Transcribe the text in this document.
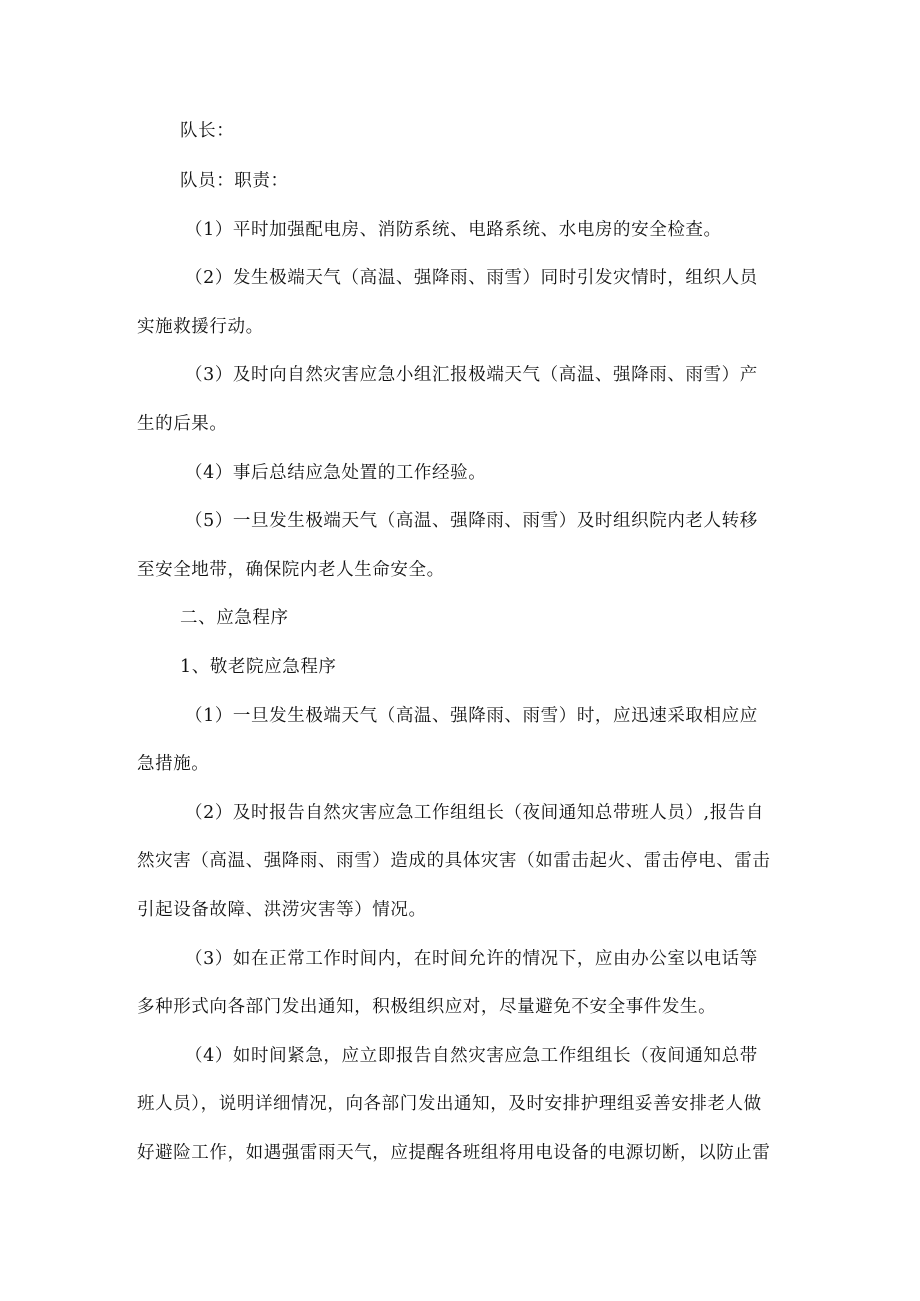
队长：
队员：职责：
（1）平时加强配电房、消防系统、电路系统、水电房的安全检查。
（2）发生极端天气（高温、强降雨、雨雪）同时引发灾情时，组织人员
实施救援行动。
（3）及时向自然灾害应急小组汇报极端天气（高温、强降雨、雨雪）产
生的后果。
（4）事后总结应急处置的工作经验。
（5）一旦发生极端天气（高温、强降雨、雨雪）及时组织院内老人转移
至安全地带，确保院内老人生命安全。
二、应急程序
1、敬老院应急程序
（1）一旦发生极端天气（高温、强降雨、雨雪）时，应迅速采取相应应
急措施。
（2）及时报告自然灾害应急工作组组长（夜间通知总带班人员）,报告自
然灾害（高温、强降雨、雨雪）造成的具体灾害（如雷击起火、雷击停电、雷击
引起设备故障、洪涝灾害等）情况。
（3）如在正常工作时间内，在时间允许的情况下，应由办公室以电话等
多种形式向各部门发出通知，积极组织应对，尽量避免不安全事件发生。
（4）如时间紧急，应立即报告自然灾害应急工作组组长（夜间通知总带
班人员），说明详细情况，向各部门发出通知，及时安排护理组妥善安排老人做
好避险工作，如遇强雷雨天气，应提醒各班组将用电设备的电源切断，以防止雷
